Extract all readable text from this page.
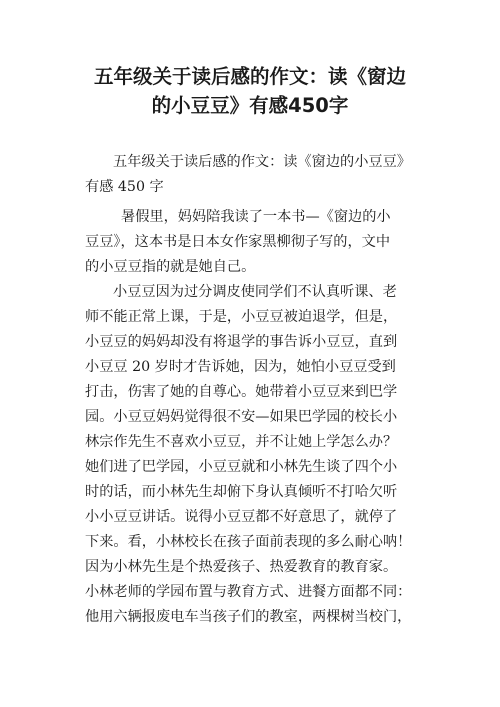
五年级关于读后感的作文：读《窗边
的小豆豆》有感450字
五年级关于读后感的作文：读《窗边的小豆豆》
有感 450 字
暑假里，妈妈陪我读了一本书—《窗边的小
豆豆》，这本书是日本女作家黑柳彻子写的，文中
的小豆豆指的就是她自己。
小豆豆因为过分调皮使同学们不认真听课、老
师不能正常上课，于是，小豆豆被迫退学，但是，
小豆豆的妈妈却没有将退学的事告诉小豆豆，直到
小豆豆 20 岁时才告诉她，因为，她怕小豆豆受到
打击，伤害了她的自尊心。她带着小豆豆来到巴学
园。小豆豆妈妈觉得很不安—如果巴学园的校长小
林宗作先生不喜欢小豆豆，并不让她上学怎么办？
她们进了巴学园，小豆豆就和小林先生谈了四个小
时的话，而小林先生却俯下身认真倾听不打哈欠听
小小豆豆讲话。说得小豆豆都不好意思了，就停了
下来。看，小林校长在孩子面前表现的多么耐心呐！
因为小林先生是个热爱孩子、热爱教育的教育家。
小林老师的学园布置与教育方式、进餐方面都不同：
他用六辆报废电车当孩子们的教室，两棵树当校门，
